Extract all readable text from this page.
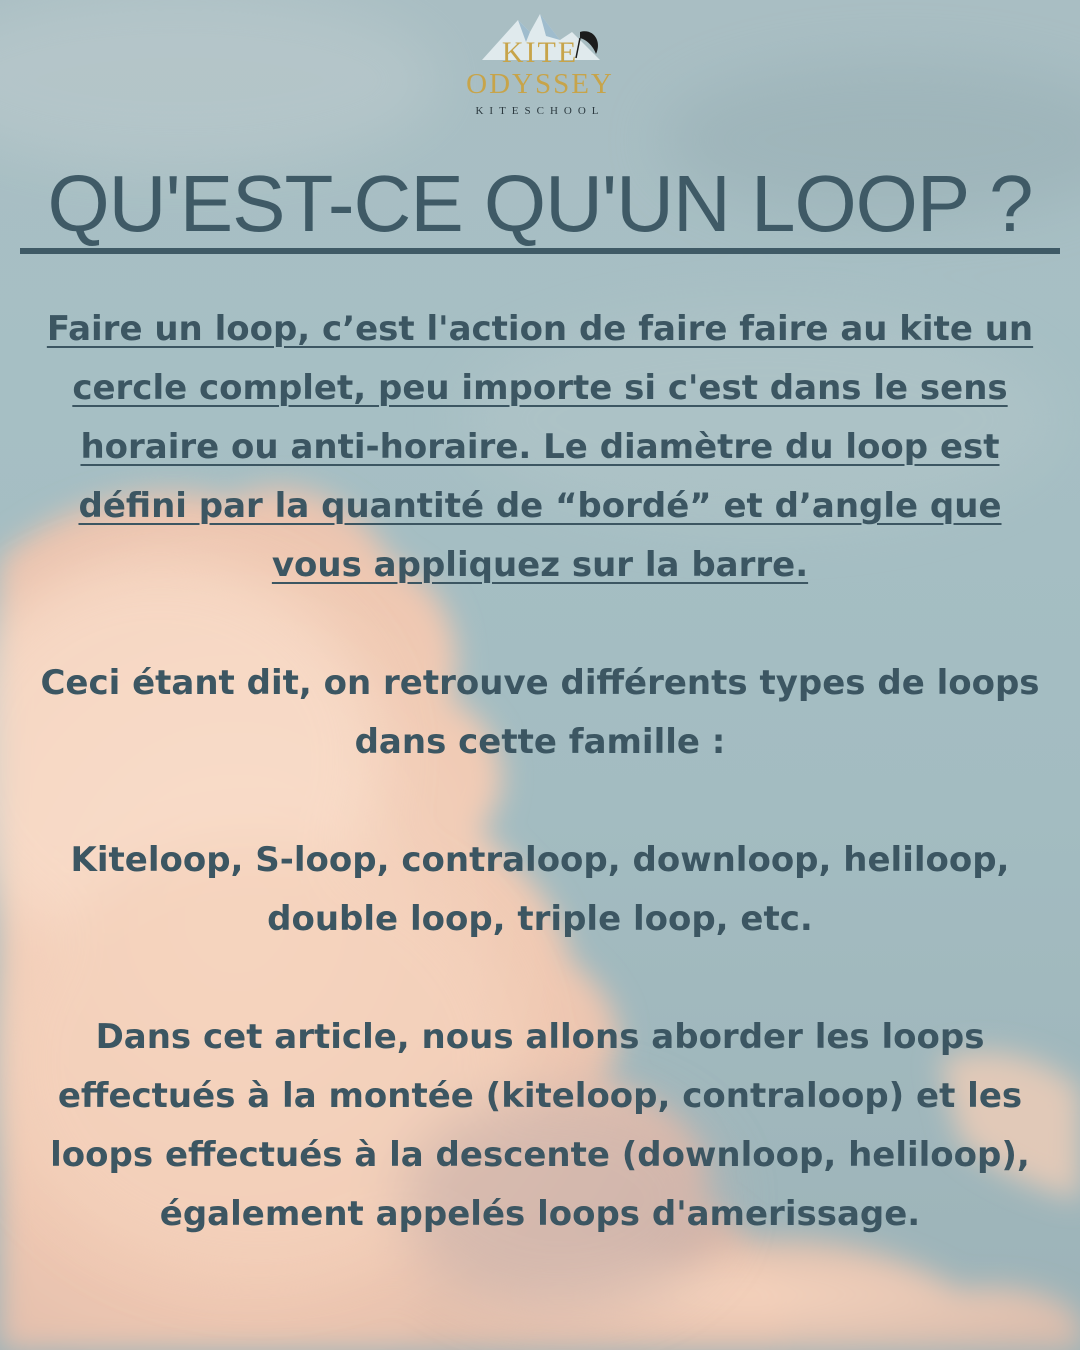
KITE
ODYSSEY
KITESCHOOL
QU'EST-CE QU'UN LOOP ?

Faire un loop, c’est l'action de faire faire au kite un cercle complet, peu importe si c'est dans le sens horaire ou anti-horaire. Le diamètre du loop est défini par la quantité de “bordé” et d’angle que vous appliquez sur la barre.

Ceci étant dit, on retrouve différents types de loops dans cette famille :

Kiteloop, S-loop, contraloop, downloop, heliloop, double loop, triple loop, etc.

Dans cet article, nous allons aborder les loops effectués à la montée (kiteloop, contraloop) et les loops effectués à la descente (downloop, heliloop), également appelés loops d'amerissage.
